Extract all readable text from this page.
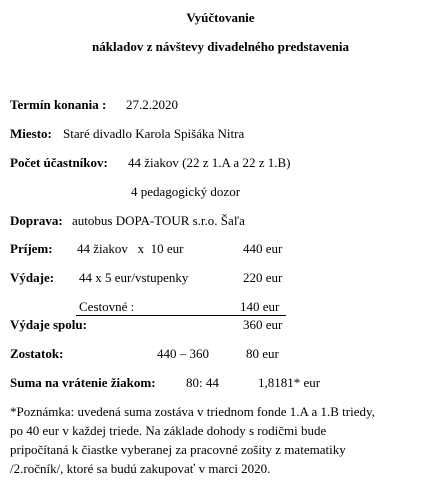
Vyúčtovanie
nákladov z návštevy divadelného predstavenia
Termín konania : 27.2.2020
Miesto: Staré divadlo Karola Spišáka Nitra
Počet účastníkov: 44 žiakov (22 z 1.A a 22 z 1.B)
4 pedagogický dozor
Doprava: autobus DOPA-TOUR s.r.o. Šaľa
Príjem: 44 žiakov   x  10 eur	440 eur
Výdaje: 44 x 5 eur/vstupenky	220 eur
Cestovné :	140 eur
Výdaje spolu:	360 eur
Zostatok:	440 – 360	80 eur
Suma na vrátenie žiakom: 80: 44	1,8181* eur
*Poznámka: uvedená suma zostáva v triednom fonde 1.A a 1.B triedy,
po 40 eur v každej triede. Na základe dohody s rodičmi bude
pripočítaná k čiastke vyberanej za pracovné zošity z matematiky
/2.ročník/, ktoré sa budú zakupovať v marci 2020.
